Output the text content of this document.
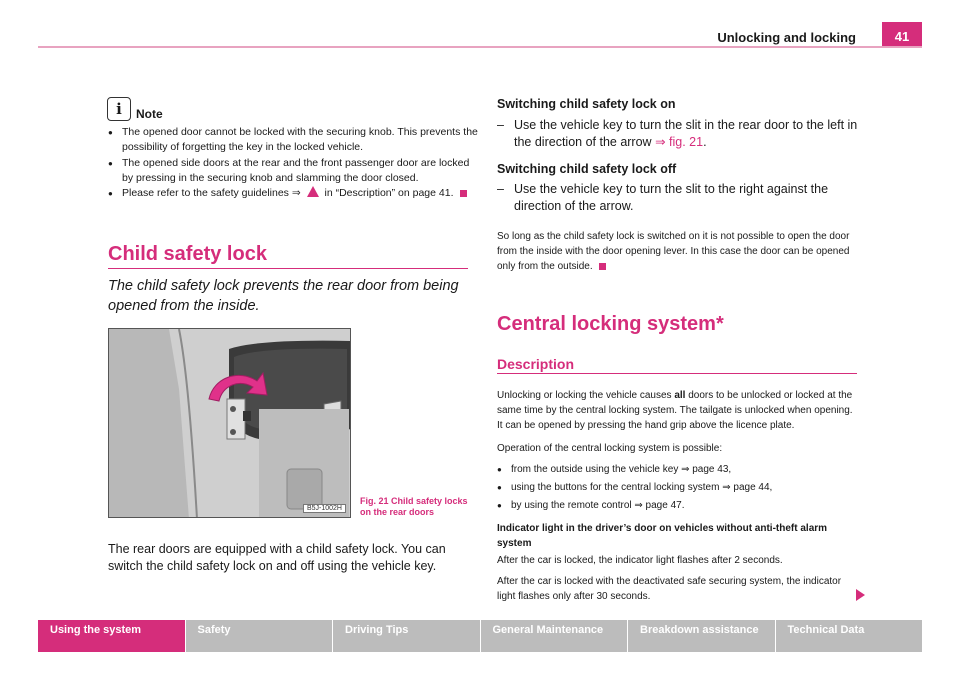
Unlocking and locking	41
i Note
● The opened door cannot be locked with the securing knob. This prevents the possibility of forgetting the key in the locked vehicle.
● The opened side doors at the rear and the front passenger door are locked by pressing in the securing knob and slamming the door closed.
● Please refer to the safety guidelines ⇒ in “Description” on page 41.
Child safety lock
The child safety lock prevents the rear door from being opened from the inside.
B5J-1002H
Fig. 21 Child safety locks
on the rear doors
The rear doors are equipped with a child safety lock. You can switch the child safety lock on and off using the vehicle key.
Switching child safety lock on
– Use the vehicle key to turn the slit in the rear door to the left in the direction of the arrow ⇒ fig. 21.
Switching child safety lock off
– Use the vehicle key to turn the slit to the right against the direction of the arrow.
So long as the child safety lock is switched on it is not possible to open the door from the inside with the door opening lever. In this case the door can be opened only from the outside.
Central locking system*
Description
Unlocking or locking the vehicle causes all doors to be unlocked or locked at the same time by the central locking system. The tailgate is unlocked when opening. It can be opened by pressing the hand grip above the licence plate.
Operation of the central locking system is possible:
● from the outside using the vehicle key ⇒ page 43,
● using the buttons for the central locking system ⇒ page 44,
● by using the remote control ⇒ page 47.
Indicator light in the driver’s door on vehicles without anti-theft alarm system
After the car is locked, the indicator light flashes after 2 seconds.
After the car is locked with the deactivated safe securing system, the indicator light flashes only after 30 seconds.
Using the system	Safety	Driving Tips	General Maintenance	Breakdown assistance	Technical Data
